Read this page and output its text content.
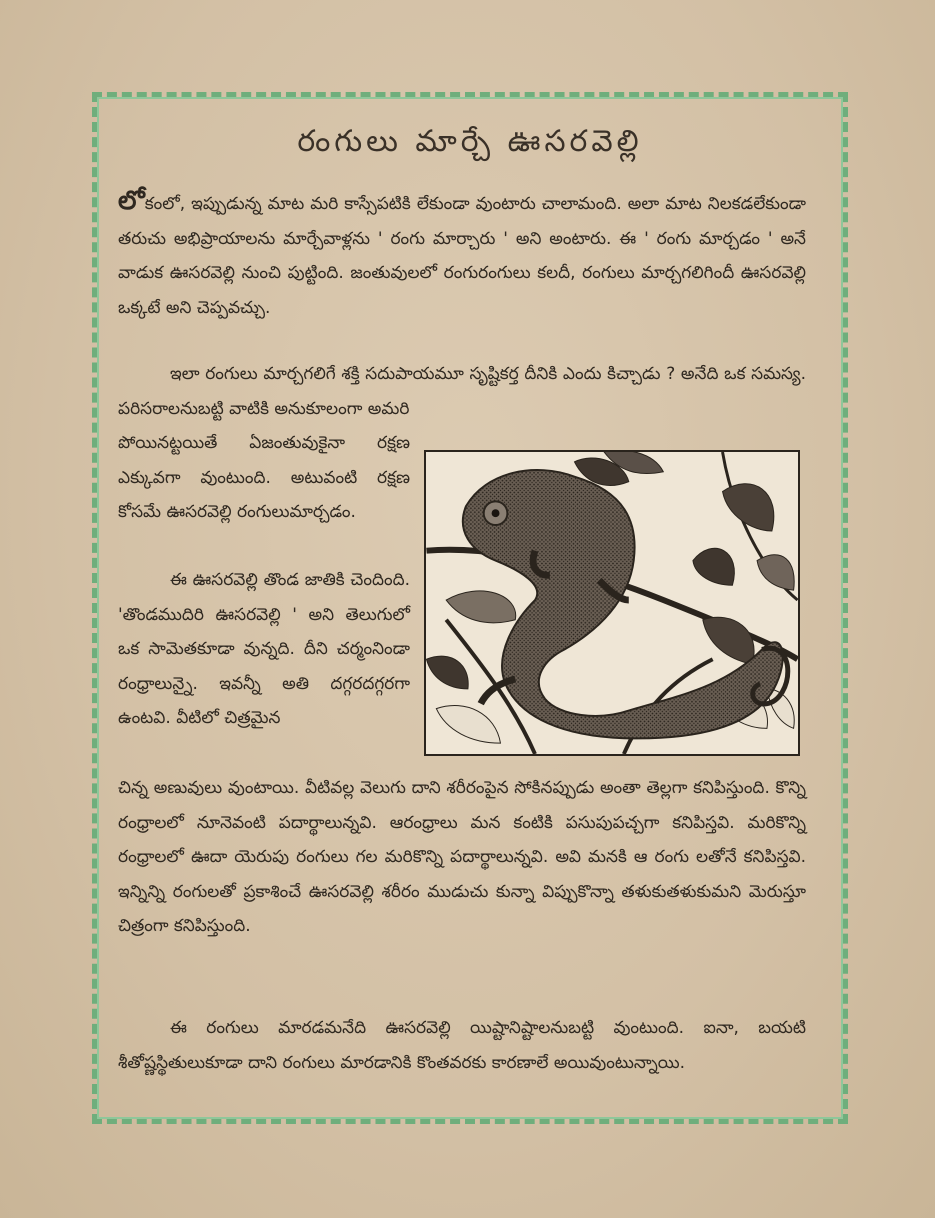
రంగులు మార్చే ఊసరవెల్లి

లోకంలో, ఇప్పుడున్న మాట మరి కాస్సేపటికి లేకుండా వుంటారు చాలామంది. అలా మాట నిలకడలేకుండా తరుచు అభిప్రాయాలను మార్చేవాళ్లను ' రంగు మార్చారు ' అని అంటారు. ఈ ' రంగు మార్చడం ' అనే వాడుక ఊసరవెల్లి నుంచి పుట్టింది. జంతువులలో రంగురంగులు కలదీ, రంగులు మార్చగలిగిందీ ఊసరవెల్లి ఒక్కటే అని చెప్పవచ్చు.

ఇలా రంగులు మార్చగలిగే శక్తి సదుపాయమూ సృష్టికర్త దీనికి ఎందు కిచ్చాడు ? అనేది ఒక సమస్య. పరిసరాలనుబట్టి వాటికి అనుకూలంగా అమరి

పోయినట్టయితే ఏజంతువుకైనా రక్షణ ఎక్కువగా వుంటుంది. అటువంటి రక్షణ కోసమే ఊసరవెల్లి రంగులుమార్చడం.

ఈ ఊసరవెల్లి తొండ జాతికి చెందింది. 'తొండముదిరి ఊసరవెల్లి ' అని తెలుగులో ఒక సామెతకూడా వున్నది. దీని చర్మంనిండా రంధ్రాలున్నై. ఇవన్నీ అతి దగ్గరదగ్గరగా ఉంటవి. వీటిలో చిత్రమైన

చిన్న అణువులు వుంటాయి. వీటివల్ల వెలుగు దాని శరీరంపైన సోకినప్పుడు అంతా తెల్లగా కనిపిస్తుంది. కొన్ని రంధ్రాలలో నూనెవంటి పదార్థాలున్నవి. ఆరంధ్రాలు మన కంటికి పసుపుపచ్చగా కనిపిస్తవి. మరికొన్ని రంధ్రాలలో ఊదా యెరుపు రంగులు గల మరికొన్ని పదార్థాలున్నవి. అవి మనకి ఆ రంగు లతోనే కనిపిస్తవి. ఇన్నిన్ని రంగులతో ప్రకాశించే ఊసరవెల్లి శరీరం ముడుచు కున్నా విప్పుకొన్నా తళుకుతళుకుమని మెరుస్తూ చిత్రంగా కనిపిస్తుంది.

ఈ రంగులు మారడమనేది ఊసరవెల్లి యిష్టానిష్టాలనుబట్టి వుంటుంది. ఐనా, బయటి శీతోష్ణస్థితులుకూడా దాని రంగులు మారడానికి కొంతవరకు కారణాలే అయివుంటున్నాయి.
